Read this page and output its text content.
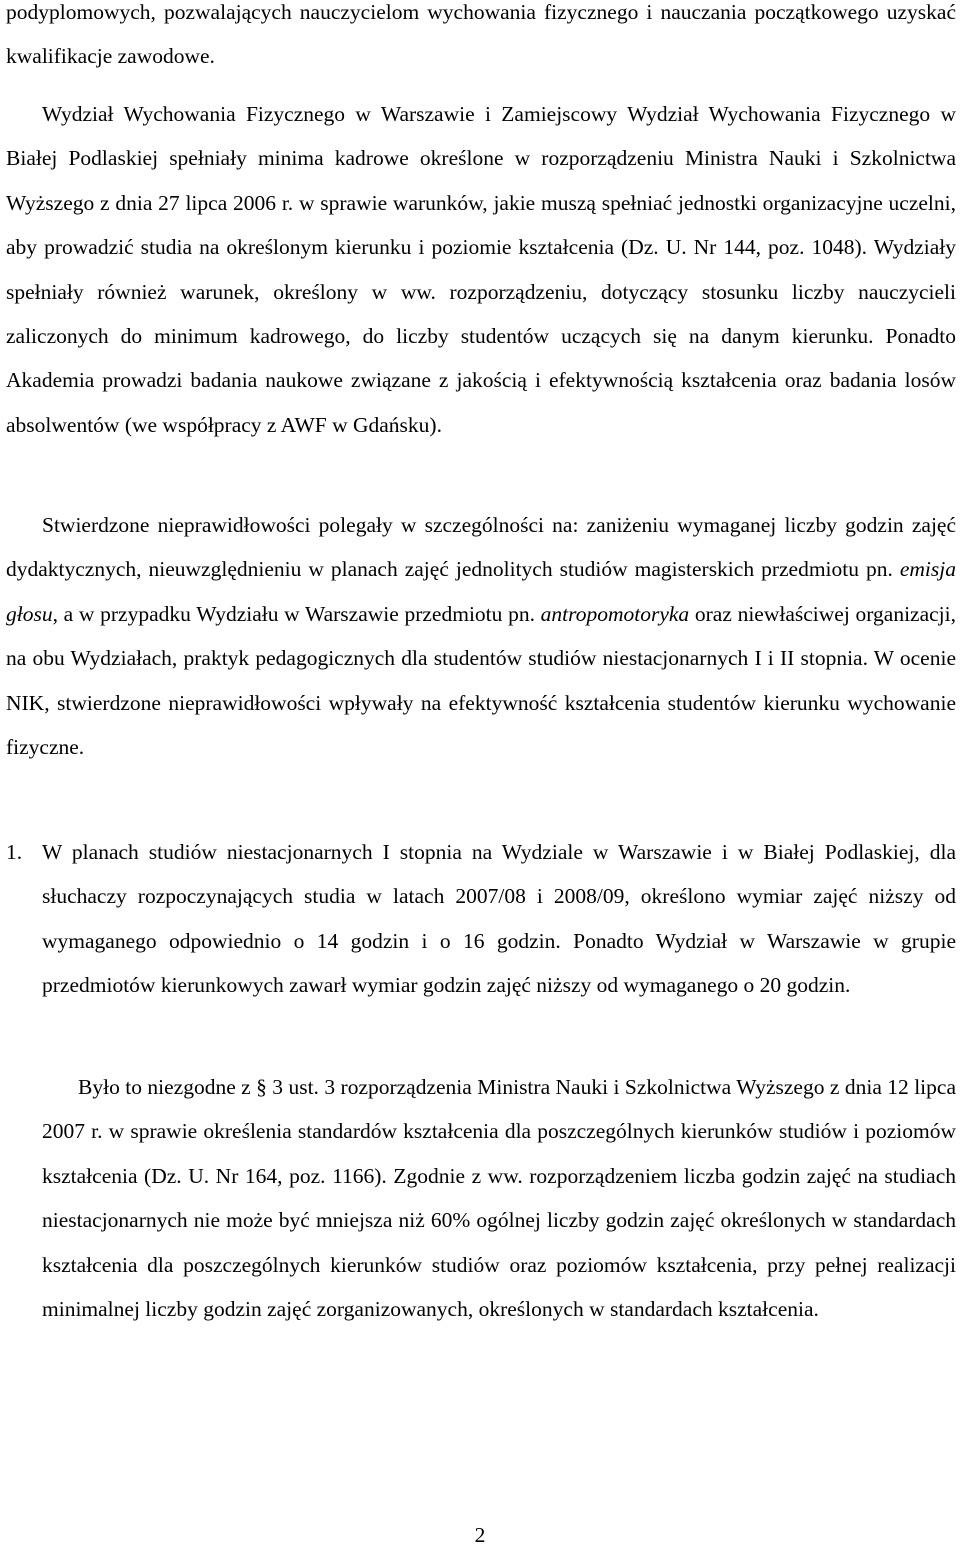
podyplomowych, pozwalających nauczycielom wychowania fizycznego i nauczania początkowego uzyskać kwalifikacje zawodowe.

Wydział Wychowania Fizycznego w Warszawie i Zamiejscowy Wydział Wychowania Fizycznego w Białej Podlaskiej spełniały minima kadrowe określone w rozporządzeniu Ministra Nauki i Szkolnictwa Wyższego z dnia 27 lipca 2006 r. w sprawie warunków, jakie muszą spełniać jednostki organizacyjne uczelni, aby prowadzić studia na określonym kierunku i poziomie kształcenia (Dz. U. Nr 144, poz. 1048). Wydziały spełniały również warunek, określony w ww. rozporządzeniu, dotyczący stosunku liczby nauczycieli zaliczonych do minimum kadrowego, do liczby studentów uczących się na danym kierunku. Ponadto Akademia prowadzi badania naukowe związane z jakością i efektywnością kształcenia oraz badania losów absolwentów (we współpracy z AWF w Gdańsku).

Stwierdzone nieprawidłowości polegały w szczególności na: zaniżeniu wymaganej liczby godzin zajęć dydaktycznych, nieuwzględnieniu w planach zajęć jednolitych studiów magisterskich przedmiotu pn. emisja głosu, a w przypadku Wydziału w Warszawie przedmiotu pn. antropomotoryka oraz niewłaściwej organizacji, na obu Wydziałach, praktyk pedagogicznych dla studentów studiów niestacjonarnych I i II stopnia. W ocenie NIK, stwierdzone nieprawidłowości wpływały na efektywność kształcenia studentów kierunku wychowanie fizyczne.

1. W planach studiów niestacjonarnych I stopnia na Wydziale w Warszawie i w Białej Podlaskiej, dla słuchaczy rozpoczynających studia w latach 2007/08 i 2008/09, określono wymiar zajęć niższy od wymaganego odpowiednio o 14 godzin i o 16 godzin. Ponadto Wydział w Warszawie w grupie przedmiotów kierunkowych zawarł wymiar godzin zajęć niższy od wymaganego o 20 godzin.

Było to niezgodne z § 3 ust. 3 rozporządzenia Ministra Nauki i Szkolnictwa Wyższego z dnia 12 lipca 2007 r. w sprawie określenia standardów kształcenia dla poszczególnych kierunków studiów i poziomów kształcenia (Dz. U. Nr 164, poz. 1166). Zgodnie z ww. rozporządzeniem liczba godzin zajęć na studiach niestacjonarnych nie może być mniejsza niż 60% ogólnej liczby godzin zajęć określonych w standardach kształcenia dla poszczególnych kierunków studiów oraz poziomów kształcenia, przy pełnej realizacji minimalnej liczby godzin zajęć zorganizowanych, określonych w standardach kształcenia.

2
